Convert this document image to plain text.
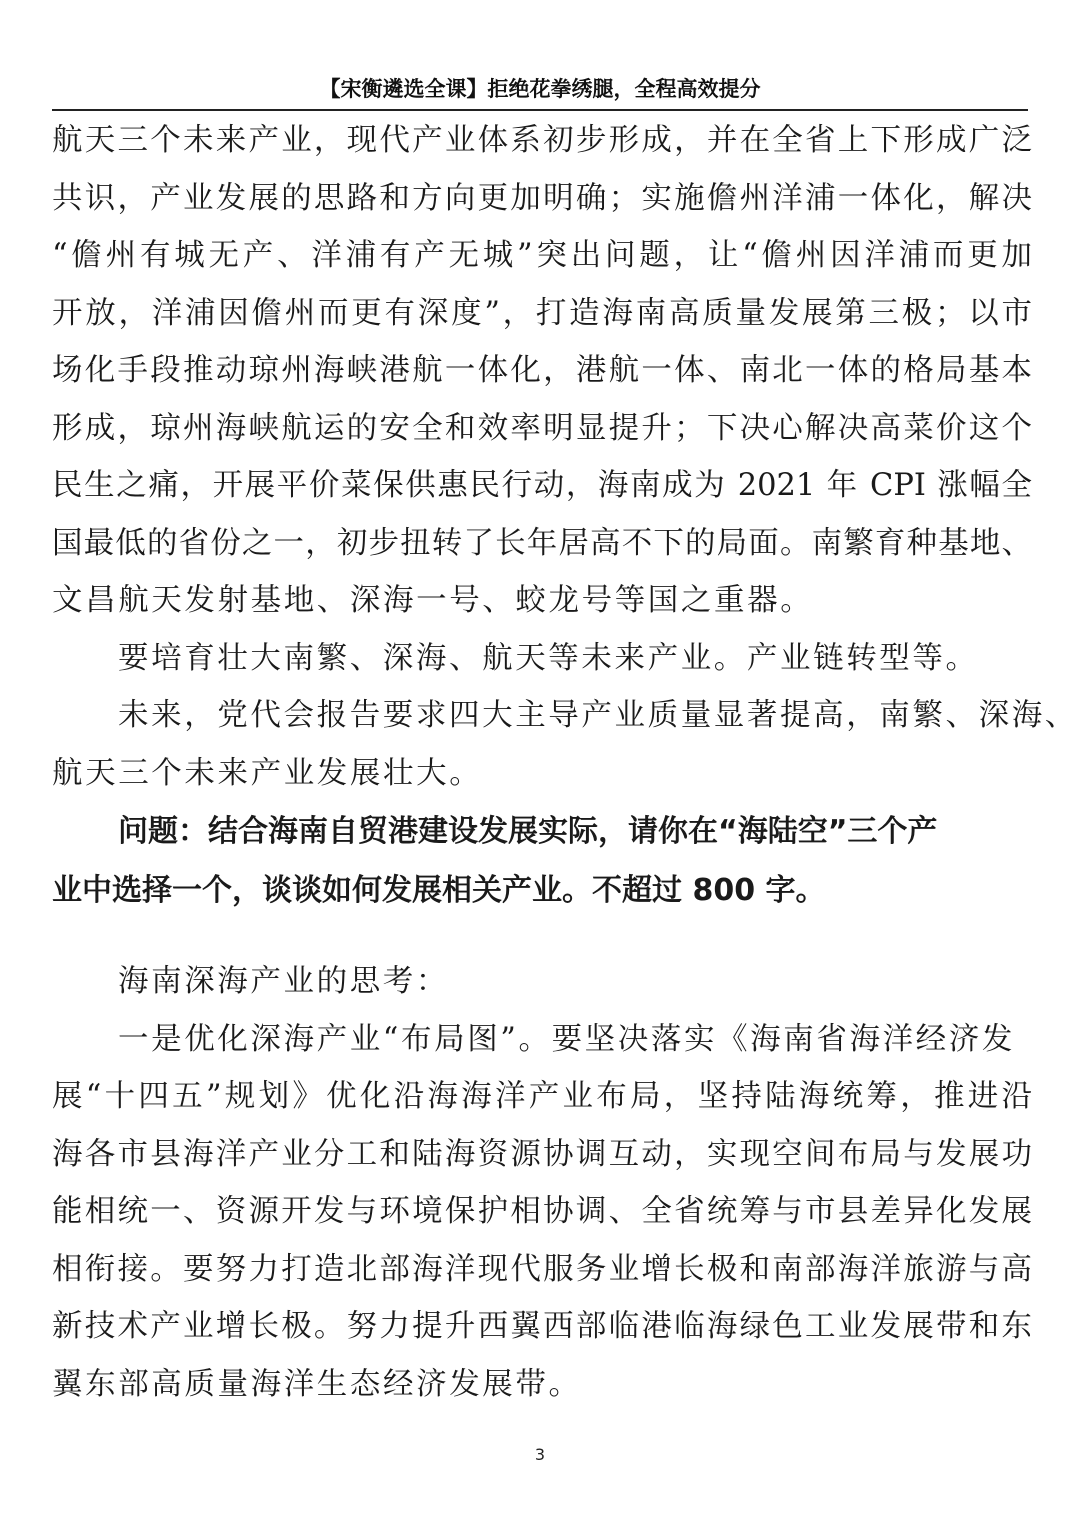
【宋衡遴选全课】拒绝花拳绣腿，全程高效提分
航天三个未来产业，现代产业体系初步形成，并在全省上下形成广泛
共识，产业发展的思路和方向更加明确；实施儋州洋浦一体化，解决
“儋州有城无产、洋浦有产无城”突出问题，让“儋州因洋浦而更加
开放，洋浦因儋州而更有深度”，打造海南高质量发展第三极；以市
场化手段推动琼州海峡港航一体化，港航一体、南北一体的格局基本
形成，琼州海峡航运的安全和效率明显提升；下决心解决高菜价这个
民生之痛，开展平价菜保供惠民行动，海南成为 2021 年 CPI 涨幅全
国最低的省份之一，初步扭转了长年居高不下的局面。南繁育种基地、
文昌航天发射基地、深海一号、蛟龙号等国之重器。
要培育壮大南繁、深海、航天等未来产业。产业链转型等。
未来，党代会报告要求四大主导产业质量显著提高，南繁、深海、
航天三个未来产业发展壮大。
问题：结合海南自贸港建设发展实际，请你在“海陆空”三个产
业中选择一个，谈谈如何发展相关产业。不超过 800 字。
海南深海产业的思考：
一是优化深海产业“布局图”。要坚决落实《海南省海洋经济发
展“十四五”规划》优化沿海海洋产业布局，坚持陆海统筹，推进沿
海各市县海洋产业分工和陆海资源协调互动，实现空间布局与发展功
能相统一、资源开发与环境保护相协调、全省统筹与市县差异化发展
相衔接。要努力打造北部海洋现代服务业增长极和南部海洋旅游与高
新技术产业增长极。努力提升西翼西部临港临海绿色工业发展带和东
翼东部高质量海洋生态经济发展带。
3
